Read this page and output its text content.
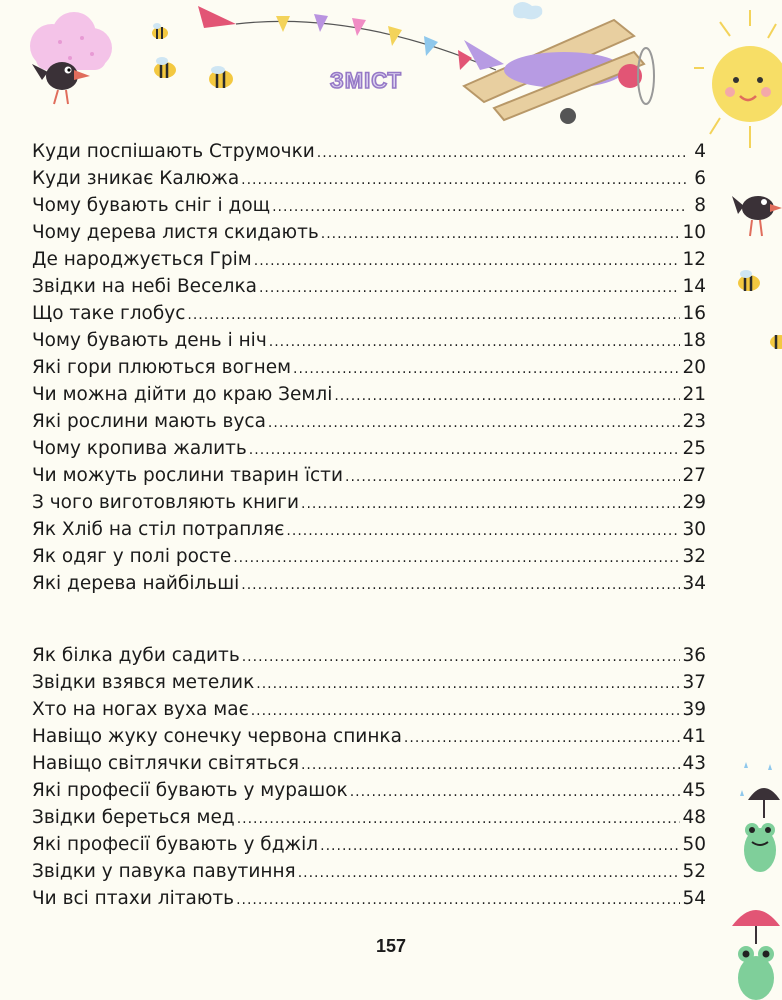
ЗМІСТ
Куди поспішають Струмочки .....	4
Куди зникає Калюжа .....	6
Чому бувають сніг і дощ .....	8
Чому дерева листя скидають .....	10
Де народжується Грім .....	12
Звідки на небі Веселка .....	14
Що таке глобус .....	16
Чому бувають день і ніч .....	18
Які гори плюються вогнем .....	20
Чи можна дійти до краю Землі .....	21
Які рослини мають вуса .....	23
Чому кропива жалить .....	25
Чи можуть рослини тварин їсти .....	27
З чого виготовляють книги .....	29
Як Хліб на стіл потрапляє .....	30
Як одяг у полі росте .....	32
Які дерева найбільші .....	34
Як білка дуби садить .....	36
Звідки взявся метелик .....	37
Хто на ногах вуха має .....	39
Навіщо жуку сонечку червона спинка .....	41
Навіщо світлячки світяться .....	43
Які професії бувають у мурашок .....	45
Звідки береться мед .....	48
Які професії бувають у бджіл .....	50
Звідки у павука павутиння .....	52
Чи всі птахи літають .....	54
157
